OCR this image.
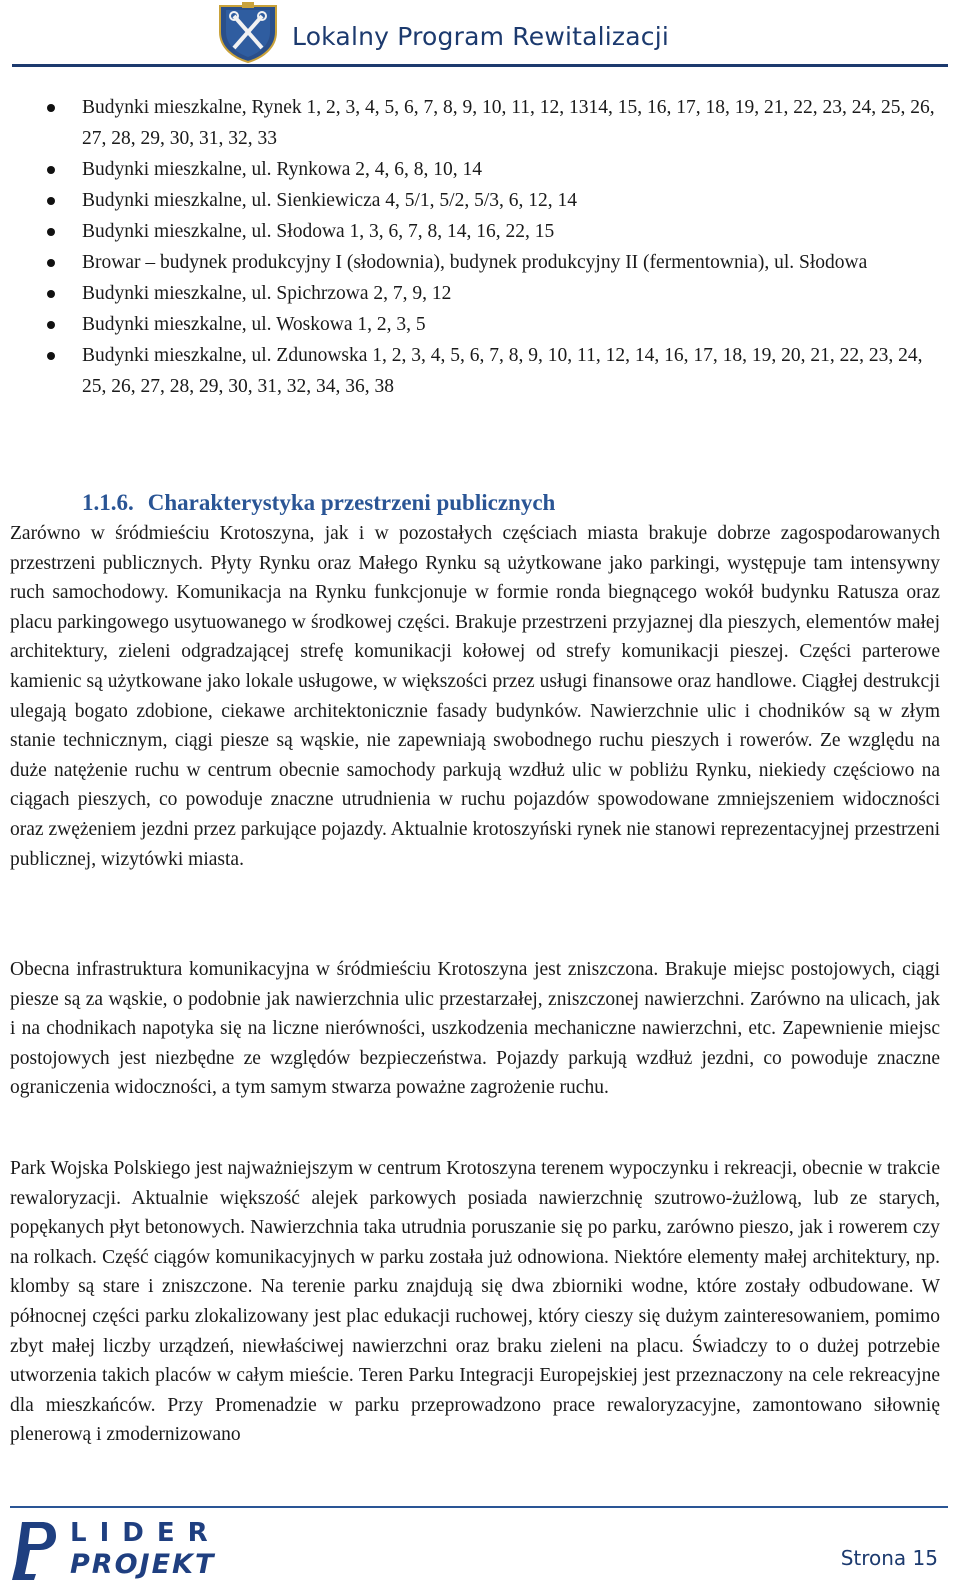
Lokalny Program Rewitalizacji
Budynki mieszkalne, Rynek 1, 2, 3, 4, 5, 6, 7, 8, 9, 10, 11, 12, 1314, 15, 16, 17, 18, 19, 21, 22, 23, 24, 25, 26, 27, 28, 29, 30, 31, 32, 33
Budynki mieszkalne, ul. Rynkowa 2, 4, 6, 8, 10, 14
Budynki mieszkalne, ul. Sienkiewicza 4, 5/1, 5/2, 5/3, 6, 12, 14
Budynki mieszkalne, ul. Słodowa 1, 3, 6, 7, 8, 14, 16, 22, 15
Browar – budynek produkcyjny I (słodownia), budynek produkcyjny II (fermentownia), ul. Słodowa
Budynki mieszkalne, ul. Spichrzowa 2, 7, 9, 12
Budynki mieszkalne, ul. Woskowa 1, 2, 3, 5
Budynki mieszkalne, ul. Zdunowska 1, 2, 3, 4, 5, 6, 7, 8, 9, 10, 11, 12, 14, 16, 17, 18, 19, 20, 21, 22, 23, 24, 25, 26, 27, 28, 29, 30, 31, 32, 34, 36, 38
1.1.6. Charakterystyka przestrzeni publicznych

Zarówno w śródmieściu Krotoszyna, jak i w pozostałych częściach miasta brakuje dobrze zagospodarowanych przestrzeni publicznych. Płyty Rynku oraz Małego Rynku są użytkowane jako parkingi, występuje tam intensywny ruch samochodowy. Komunikacja na Rynku funkcjonuje w formie ronda biegnącego wokół budynku Ratusza oraz placu parkingowego usytuowanego w środkowej części. Brakuje przestrzeni przyjaznej dla pieszych, elementów małej architektury, zieleni odgradzającej strefę komunikacji kołowej od strefy komunikacji pieszej. Części parterowe kamienic są użytkowane jako lokale usługowe, w większości przez usługi finansowe oraz handlowe. Ciągłej destrukcji ulegają bogato zdobione, ciekawe architektonicznie fasady budynków. Nawierzchnie ulic i chodników są w złym stanie technicznym, ciągi piesze są wąskie, nie zapewniają swobodnego ruchu pieszych i rowerów. Ze względu na duże natężenie ruchu w centrum obecnie samochody parkują wzdłuż ulic w pobliżu Rynku, niekiedy częściowo na ciągach pieszych, co powoduje znaczne utrudnienia w ruchu pojazdów spowodowane zmniejszeniem widoczności oraz zwężeniem jezdni przez parkujące pojazdy. Aktualnie krotoszyński rynek nie stanowi reprezentacyjnej przestrzeni publicznej, wizytówki miasta.

Obecna infrastruktura komunikacyjna w śródmieściu Krotoszyna jest zniszczona. Brakuje miejsc postojowych, ciągi piesze są za wąskie, o podobnie jak nawierzchnia ulic przestarzałej, zniszczonej nawierzchni. Zarówno na ulicach, jak i na chodnikach napotyka się na liczne nierówności, uszkodzenia mechaniczne nawierzchni, etc. Zapewnienie miejsc postojowych jest niezbędne ze względów bezpieczeństwa. Pojazdy parkują wzdłuż jezdni, co powoduje znaczne ograniczenia widoczności, a tym samym stwarza poważne zagrożenie ruchu.

Park Wojska Polskiego jest najważniejszym w centrum Krotoszyna terenem wypoczynku i rekreacji, obecnie w trakcie rewaloryzacji. Aktualnie większość alejek parkowych posiada nawierzchnię szutrowo-żużlową, lub ze starych, popękanych płyt betonowych. Nawierzchnia taka utrudnia poruszanie się po parku, zarówno pieszo, jak i rowerem czy na rolkach. Część ciągów komunikacyjnych w parku została już odnowiona. Niektóre elementy małej architektury, np. klomby są stare i zniszczone. Na terenie parku znajdują się dwa zbiorniki wodne, które zostały odbudowane. W północnej części parku zlokalizowany jest plac edukacji ruchowej, który cieszy się dużym zainteresowaniem, pomimo zbyt małej liczby urządzeń, niewłaściwej nawierzchni oraz braku zieleni na placu. Świadczy to o dużej potrzebie utworzenia takich placów w całym mieście. Teren Parku Integracji Europejskiej jest przeznaczony na cele rekreacyjne dla mieszkańców. Przy Promenadzie w parku przeprowadzono prace rewaloryzacyjne, zamontowano siłownię plenerową i zmodernizowano

LIDER
PROJEKT	Strona 15
